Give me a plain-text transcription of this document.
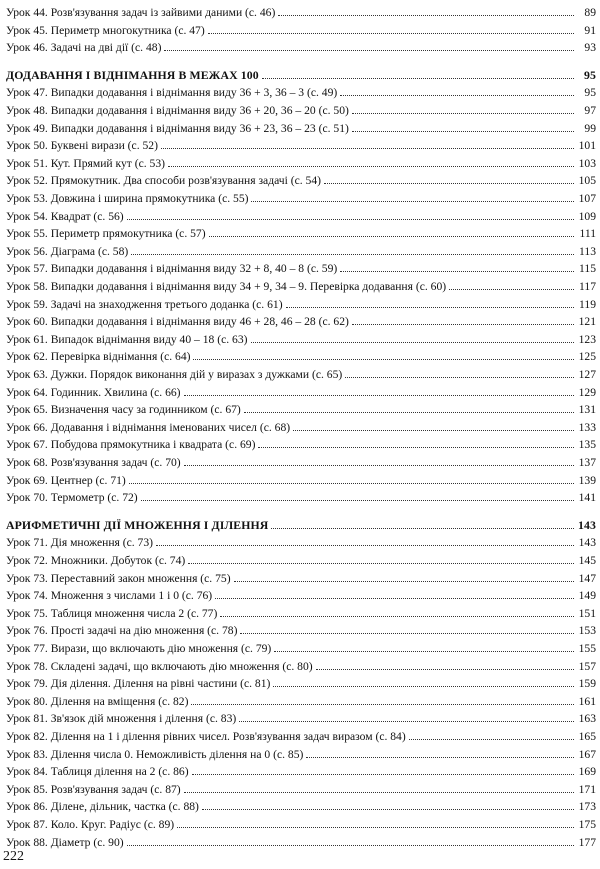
Урок 44. Розв'язування задач із зайвими даними (с. 46)	89
Урок 45. Периметр многокутника (с. 47)	91
Урок 46. Задачі на дві дії (с. 48)	93
ДОДАВАННЯ І ВІДНІМАННЯ В МЕЖАХ 100	95
Урок 47. Випадки додавання і віднімання виду 36 + 3, 36 – 3 (с. 49)	95
Урок 48. Випадки додавання і віднімання виду 36 + 20, 36 – 20 (с. 50)	97
Урок 49. Випадки додавання і віднімання виду 36 + 23, 36 – 23 (с. 51)	99
Урок 50. Буквені вирази (с. 52)	101
Урок 51. Кут. Прямий кут (с. 53)	103
Урок 52. Прямокутник. Два способи розв'язування задачі (с. 54)	105
Урок 53. Довжина і ширина прямокутника (с. 55)	107
Урок 54. Квадрат (с. 56)	109
Урок 55. Периметр прямокутника (с. 57)	111
Урок 56. Діаграма (с. 58)	113
Урок 57. Випадки додавання і віднімання виду 32 + 8, 40 – 8 (с. 59)	115
Урок 58. Випадки додавання і віднімання виду 34 + 9, 34 – 9. Перевірка додавання (с. 60)	117
Урок 59. Задачі на знаходження третього доданка (с. 61)	119
Урок 60. Випадки додавання і віднімання виду 46 + 28, 46 – 28 (с. 62)	121
Урок 61. Випадок віднімання виду 40 – 18 (с. 63)	123
Урок 62. Перевірка віднімання (с. 64)	125
Урок 63. Дужки. Порядок виконання дій у виразах з дужками (с. 65)	127
Урок 64. Годинник. Хвилина (с. 66)	129
Урок 65. Визначення часу за годинником (с. 67)	131
Урок 66. Додавання і віднімання іменованих чисел (с. 68)	133
Урок 67. Побудова прямокутника і квадрата (с. 69)	135
Урок 68. Розв'язування задач (с. 70)	137
Урок 69. Центнер (с. 71)	139
Урок 70. Термометр (с. 72)	141
АРИФМЕТИЧНІ ДІЇ МНОЖЕННЯ І ДІЛЕННЯ	143
Урок 71. Дія множення (с. 73)	143
Урок 72. Множники. Добуток (с. 74)	145
Урок 73. Переставний закон множення (с. 75)	147
Урок 74. Множення з числами 1 і 0 (с. 76)	149
Урок 75. Таблиця множення числа 2 (с. 77)	151
Урок 76. Прості задачі на дію множення (с. 78)	153
Урок 77. Вирази, що включають дію множення (с. 79)	155
Урок 78. Складені задачі, що включають дію множення (с. 80)	157
Урок 79. Дія ділення. Ділення на рівні частини (с. 81)	159
Урок 80. Ділення на вміщення (с. 82)	161
Урок 81. Зв'язок дій множення і ділення (с. 83)	163
Урок 82. Ділення на 1 і ділення рівних чисел. Розв'язування задач виразом (с. 84)	165
Урок 83. Ділення числа 0. Неможливість ділення на 0 (с. 85)	167
Урок 84. Таблиця ділення на 2 (с. 86)	169
Урок 85. Розв'язування задач (с. 87)	171
Урок 86. Ділене, дільник, частка (с. 88)	173
Урок 87. Коло. Круг. Радіус (с. 89)	175
Урок 88. Діаметр (с. 90)	177
222
